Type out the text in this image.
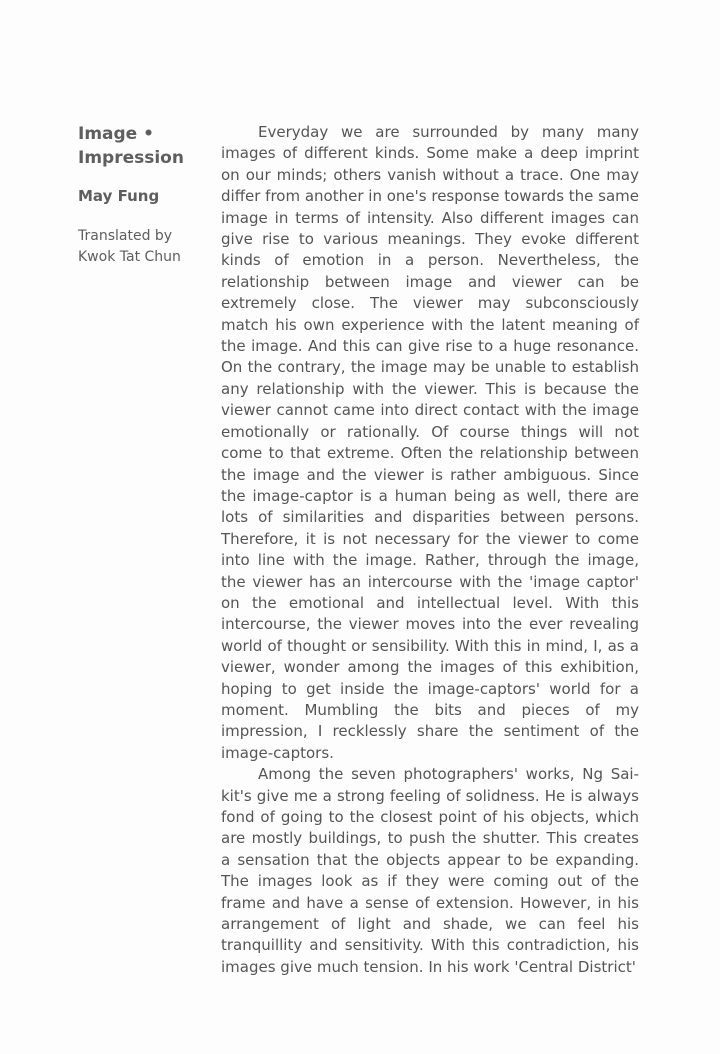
Image •
Impression
May Fung
Translated by
Kwok Tat Chun

Everyday we are surrounded by many many images of different kinds. Some make a deep imprint on our minds; others vanish without a trace. One may differ from another in one's response towards the same image in terms of intensity. Also different images can give rise to various meanings. They evoke different kinds of emotion in a person. Nevertheless, the relationship between image and viewer can be extremely close. The viewer may subconsciously match his own experience with the latent meaning of the image. And this can give rise to a huge resonance. On the contrary, the image may be unable to establish any relationship with the viewer. This is because the viewer cannot came into direct contact with the image emotionally or rationally. Of course things will not come to that extreme. Often the relationship between the image and the viewer is rather ambiguous. Since the image-captor is a human being as well, there are lots of similarities and disparities between persons. Therefore, it is not necessary for the viewer to come into line with the image. Rather, through the image, the viewer has an intercourse with the 'image captor' on the emotional and intellectual level. With this intercourse, the viewer moves into the ever revealing world of thought or sensibility. With this in mind, I, as a viewer, wonder among the images of this exhibition, hoping to get inside the image-captors' world for a moment. Mumbling the bits and pieces of my impression, I recklessly share the sentiment of the image-captors.

Among the seven photographers' works, Ng Sai-kit's give me a strong feeling of solidness. He is always fond of going to the closest point of his objects, which are mostly buildings, to push the shutter. This creates a sensation that the objects appear to be expanding. The images look as if they were coming out of the frame and have a sense of extension. However, in his arrangement of light and shade, we can feel his tranquillity and sensitivity. With this contradiction, his images give much tension. In his work 'Central District'
